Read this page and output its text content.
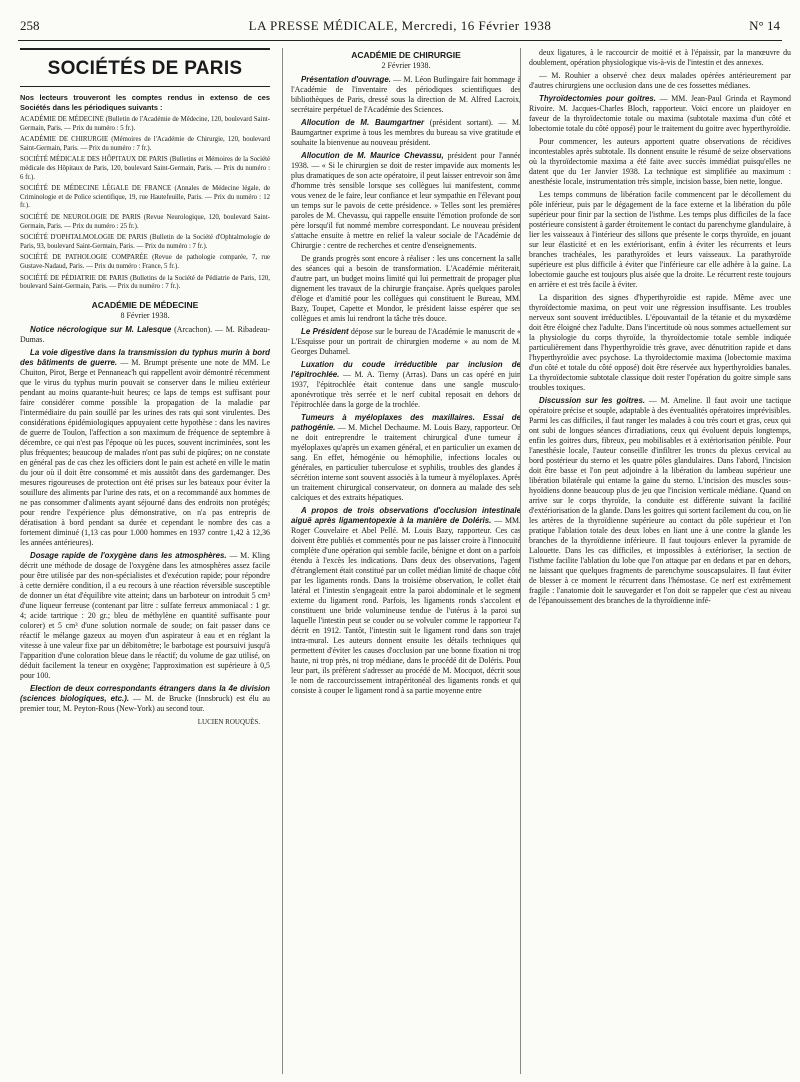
258	LA PRESSE MÉDICALE, Mercredi, 16 Février 1938	N° 14
SOCIÉTÉS DE PARIS
Nos lecteurs trouveront les comptes rendus in extenso de ces Sociétés dans les périodiques suivants :
ACADÉMIE DE MÉDECINE (Bulletin de l'Académie de Médecine, 120, boulevard Saint-Germain, Paris. — Prix du numéro : 5 fr.).
ACADÉMIE DE CHIRURGIE (Mémoires de l'Académie de Chirurgie, 120, boulevard Saint-Germain, Paris. — Prix du numéro : 7 fr.).
SOCIÉTÉ MÉDICALE DES HÔPITAUX DE PARIS (Bulletins et Mémoires de la Société médicale des Hôpitaux de Paris, 120, boulevard Saint-Germain, Paris. — Prix du numéro : 6 fr.).
SOCIÉTÉ DE MÉDECINE LÉGALE DE FRANCE (Annales de Médecine légale, de Criminologie et de Police scientifique, 19, rue Hautefeuille, Paris. — Prix du numéro : 12 fr.).
SOCIÉTÉ DE NEUROLOGIE DE PARIS (Revue Neurologique, 120, boulevard Saint-Germain, Paris. — Prix du numéro : 25 fr.).
SOCIÉTÉ D'OPHTALMOLOGIE DE PARIS (Bulletin de la Société d'Ophtalmologie de Paris, 93, boulevard Saint-Germain, Paris. — Prix du numéro : 7 fr.).
SOCIÉTÉ DE PATHOLOGIE COMPARÉE (Revue de pathologie comparée, 7, rue Gustave-Nadaud, Paris. — Prix du numéro : France, 5 fr.).
SOCIÉTÉ DE PÉDIATRIE DE PARIS (Bulletins de la Société de Pédiatrie de Paris, 120, boulevard Saint-Germain, Paris. — Prix du numéro : 7 fr.).
ACADÉMIE DE MÉDECINE
8 Février 1938.

Notice nécrologique sur M. Lalesque (Arcachon). — M. Ribadeau-Dumas.

La voie digestive dans la transmission du typhus murin à bord des bâtiments de guerre. — M. Brumpt présente une note de MM. Le Chuiton, Pirot, Berge et Pennaneac'h qui rappellent avoir démontré récemment que le virus du typhus murin pouvait se conserver dans le milieu extérieur pendant au moins quarante-huit heures; ce laps de temps est suffisant pour faire considérer comme possible la propagation de la maladie par l'intermédiaire du pain souillé par les urines des rats qui sont virulentes. Des considérations épidémiologiques appuyaient cette hypothèse : dans les navires de guerre de Toulon, l'affection a son maximum de fréquence de septembre à décembre, ce qui n'est pas l'époque où les puces, souvent incriminées, sont les plus fréquentes; beaucoup de malades n'ont pas subi de piqûres; on ne constate en général pas de cas chez les officiers dont le pain est acheté en ville le matin du jour où il doit être consommé et mis aussitôt dans des gardemanger. Des mesures rigoureuses de protection ont été prises sur les bateaux pour éviter la souillure des aliments par l'urine des rats, et on a recommandé aux hommes de ne pas consommer d'aliments ayant séjourné dans des endroits non protégés; pour rendre l'expérience plus démonstrative, on n'a pas entrepris de dératisation à bord pendant sa durée et cependant le nombre des cas a fortement diminué (1,13 cas pour 1.000 hommes en 1937 contre 1,42 à 12,36 les années antérieures).

Dosage rapide de l'oxygène dans les atmosphères. — M. Kling décrit une méthode de dosage de l'oxygène dans les atmosphères assez facile pour être utilisée par des non-spécialistes et d'exécution rapide; pour répondre à cette dernière condition, il a eu recours à une réaction réversible susceptible de donner un état d'équilibre vite atteint; dans un barboteur on introduit 5 cm³ d'une liqueur ferreuse (contenant par litre : sulfate ferreux ammoniacal : 1 gr. 4; acide tartrique : 20 gr.; bleu de méthylène en quantité suffisante pour colorer) et 5 cm³ d'une solution normale de soude; on fait passer dans ce réactif le mélange gazeux au moyen d'un aspirateur à eau et en réglant la vitesse à une valeur fixe par un débitomètre; le barbotage est poursuivi jusqu'à l'apparition d'une coloration bleue dans le réactif; du volume de gaz utilisé, on déduit facilement la teneur en oxygène; l'approximation est supérieure à 0,5 pour 100.

Election de deux correspondants étrangers dans la 4e division (sciences biologiques, etc.). — M. de Brucke (Innsbruck) est élu au premier tour, M. Peyton-Rous (New-York) au second tour.

LUCIEN ROUQUÈS.
ACADÉMIE DE CHIRURGIE
2 Février 1938.

Présentation d'ouvrage. — M. Léon Butlingaire fait hommage à l'Académie de l'inventaire des périodiques scientifiques des bibliothèques de Paris, dressé sous la direction de M. Alfred Lacroix, secrétaire perpétuel de l'Académie des Sciences.

Allocution de M. Baumgartner (président sortant). — M. Baumgartner exprime à tous les membres du bureau sa vive gratitude et souhaite la bienvenue au nouveau président.

Allocution de M. Maurice Chevassu, président pour l'année 1938. — « Si le chirurgien se doit de rester impavide aux moments les plus dramatiques de son acte opératoire, il peut laisser entrevoir son âme d'homme très sensible lorsque ses collègues lui manifestent, comme vous venez de le faire, leur confiance et leur sympathie en l'élevant pour un temps sur le pavois de cette présidence. » Telles sont les premières paroles de M. Chevassu, qui rappelle ensuite l'émotion profonde de son père lorsqu'il fut nommé membre correspondant. Le nouveau président s'attache ensuite à mettre en relief la valeur sociale de l'Académie de Chirurgie : centre de recherches et centre d'enseignements.

De grands progrès sont encore à réaliser : les uns concernent la salle des séances qui a besoin de transformation. L'Académie mériterait, d'autre part, un budget moins limité qui lui permettrait de propager plus dignement les travaux de la chirurgie française. Après quelques paroles d'éloge et d'amitié pour les collègues qui constituent le Bureau, MM. Bazy, Toupet, Capette et Mondor, le président laisse espérer que ses collègues et amis lui rendront la tâche très douce.

Le Président dépose sur le bureau de l'Académie le manuscrit de « L'Esquisse pour un portrait de chirurgien moderne » au nom de M. Georges Duhamel.

Luxation du coude irréductible par inclusion de l'épitrochlée. — M. A. Tierny (Arras). Dans un cas opéré en juin 1937, l'épitrochlée était contenue dans une sangle musculo-aponévrotique très serrée et le nerf cubital reposait en dehors de l'épitrochlée dans la gorge de la trochlée.

Tumeurs à myéloplaxes des maxillaires. Essai de pathogénie. — M. Michel Dechaume. M. Louis Bazy, rapporteur. On ne doit entreprendre le traitement chirurgical d'une tumeur à myéloplaxes qu'après un examen général, et en particulier un examen de sang. En effet, hémogénie ou hémophilie, infections locales ou générales, en particulier tuberculose et syphilis, troubles des glandes à sécrétion interne sont souvent associés à la tumeur à myéloplaxes. Après un traitement chirurgical conservateur, on donnera au malade des sels calciques et des extraits hépatiques.

A propos de trois observations d'occlusion intestinale aiguë après ligamentopexie à la manière de Doléris. — MM. Roger Couvelaire et Abel Pellé. M. Louis Bazy, rapporteur. Ces cas doivent être publiés et commentés pour ne pas laisser croire à l'innocuité complète d'une opération qui semble facile, bénigne et dont on a parfois étendu à l'excès les indications. Dans deux des observations, l'agent d'étranglement était constitué par un collet médian limité de chaque côté par les ligaments ronds. Dans la troisième observation, le collet était latéral et l'intestin s'engageait entre la paroi abdominale et le segment externe du ligament rond. Parfois, les ligaments ronds s'accolent et constituent une bride volumineuse tendue de l'utérus à la paroi sur laquelle l'intestin peut se couder ou se volvuler comme le rapporteur l'a décrit en 1912. Tantôt, l'intestin suit le ligament rond dans son trajet intra-mural. Les auteurs donnent ensuite les détails techniques qui permettent d'éviter les causes d'occlusion par une bonne fixation ni trop haute, ni trop près, ni trop médiane, dans le procédé dit de Doléris. Pour leur part, ils préfèrent s'adresser au procédé de M. Mocquot, décrit sous le nom de raccourcissement intrapéritonéal des ligaments ronds et qui consiste à couper le ligament rond à sa partie moyenne entre

deux ligatures, à le raccourcir de moitié et à l'épaissir, par la manœuvre du doublement, opération physiologique vis-à-vis de l'intestin et des annexes.

— M. Rouhier a observé chez deux malades opérées antérieurement par d'autres chirurgiens une occlusion dans une de ces fossettes médianes.

Thyroïdectomies pour goitres. — MM. Jean-Paul Grinda et Raymond Rivoire. M. Jacques-Charles Bloch, rapporteur. Voici encore un plaidoyer en faveur de la thyroïdectomie totale ou maxima (subtotale maxima d'un côté et lobectomie totale du côté opposé) pour le traitement du goitre avec hyperthyroïdie.

Pour commencer, les auteurs apportent quatre observations de récidives incontestables après subtotale. Ils donnent ensuite le résumé de seize observations où la thyroïdectomie maxima a été faite avec succès immédiat puisqu'elles ne datent que du 1er Janvier 1938. La technique est simplifiée au maximum : anesthésie locale, instrumentation très simple, incision basse, bien nette, longue.

Les temps communs de libération facile commencent par le décollement du pôle inférieur, puis par le dégagement de la face externe et la libération du pôle supérieur pour finir par la section de l'isthme. Les temps plus difficiles de la face postérieure consistent à garder étroitement le contact du parenchyme glandulaire, à lier les vaisseaux à l'intérieur des sillons que présente le corps thyroïde, en jouant sur leur élasticité et en les extériorisant, enfin à éviter les récurrents et leurs branches trachéales, les parathyroïdes et leurs vaisseaux. La parathyroïde supérieure est plus difficile à éviter que l'inférieure car elle adhère à la gaine. La lobectomie gauche est toujours plus aisée que la droite. Le récurrent reste toujours en arrière et est très facile à éviter.

La disparition des signes d'hyperthyroïdie est rapide. Même avec une thyroïdectomie maxima, on peut voir une régression insuffisante. Les troubles nerveux sont souvent irréductibles. L'épouvantail de la tétanie et du myxœdème doit être éloigné chez l'adulte. Dans l'incertitude où nous sommes actuellement sur la physiologie du corps thyroïde, la thyroïdectomie totale semble indiquée particulièrement dans l'hyperthyroïdie très grave, avec dénutrition rapide et dans l'hyperthyroïdie avec psychose. La thyroïdectomie maxima (lobectomie maxima d'un côté et totale du côté opposé) doit être réservée aux hyperthyroïdies banales. La thyroïdectomie subtotale classique doit rester l'opération du goitre simple sans troubles toxiques.

Discussion sur les goitres. — M. Ameline. Il faut avoir une tactique opératoire précise et souple, adaptable à des éventualités opératoires imprévisibles. Parmi les cas difficiles, il faut ranger les malades à cou très court et gras, ceux qui ont subi de longues séances d'irradiations, ceux qui évoluent depuis longtemps, enfin les goitres durs, fibreux, peu mobilisables et à extériorisation pénible. Pour l'anesthésie locale, l'auteur conseille d'infiltrer les troncs du plexus cervical au bord postérieur du sterno et les quatre pôles glandulaires. Dans l'abord, l'incision doit être basse et l'on peut adjoindre à la libération du lambeau supérieur une libération bilatérale qui entame la gaine du sterno. L'incision des muscles sous-hyoïdiens donne beaucoup plus de jeu que l'incision verticale médiane. Quand on arrive sur le corps thyroïde, la conduite est différente suivant la facilité d'extériorisation de la glande. Dans les goitres qui sortent facilement du cou, on lie les artères de la thyroïdienne supérieure au contact du pôle supérieur et l'on pratique l'ablation totale des deux lobes en liant une à une contre la glande les branches de la thyroïdienne inférieure. Il faut toujours enlever la pyramide de Lalouette. Dans les cas difficiles, et impossibles à extérioriser, la section de l'isthme facilite l'ablation du lobe que l'on attaque par en dedans et par en dehors, ne laissant que quelques fragments de parenchyme souscapsulaires. Il faut éviter de blesser à ce moment le récurrent dans l'hémostase. Ce nerf est extrêmement fragile : l'anatomie doit le sauvegarder et l'on doit se rappeler que c'est au niveau de l'épanouissement des branches de la thyroïdienne infé-
